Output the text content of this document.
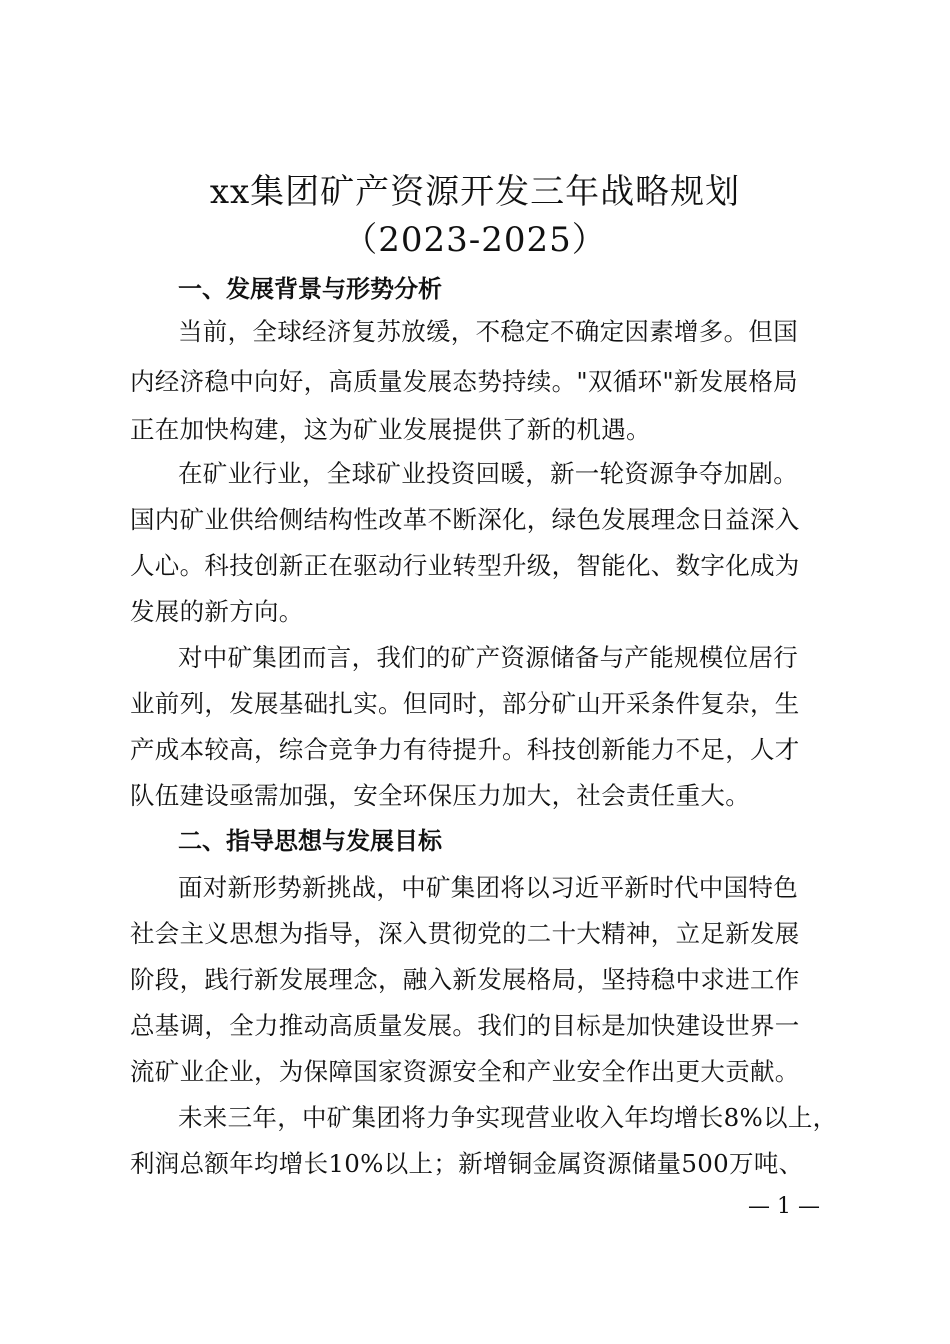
xx集团矿产资源开发三年战略规划
（2023-2025）
一、发展背景与形势分析

当前，全球经济复苏放缓，不稳定不确定因素增多。但国

内经济稳中向好，高质量发展态势持续。"双循环"新发展格局

正在加快构建，这为矿业发展提供了新的机遇。

在矿业行业，全球矿业投资回暖，新一轮资源争夺加剧。

国内矿业供给侧结构性改革不断深化，绿色发展理念日益深入

人心。科技创新正在驱动行业转型升级，智能化、数字化成为

发展的新方向。

对中矿集团而言，我们的矿产资源储备与产能规模位居行

业前列，发展基础扎实。但同时，部分矿山开采条件复杂，生

产成本较高，综合竞争力有待提升。科技创新能力不足，人才

队伍建设亟需加强，安全环保压力加大，社会责任重大。

二、指导思想与发展目标

面对新形势新挑战，中矿集团将以习近平新时代中国特色

社会主义思想为指导，深入贯彻党的二十大精神，立足新发展

阶段，践行新发展理念，融入新发展格局，坚持稳中求进工作

总基调，全力推动高质量发展。我们的目标是加快建设世界一

流矿业企业，为保障国家资源安全和产业安全作出更大贡献。

未来三年，中矿集团将力争实现营业收入年均增长8%以上，

利润总额年均增长10%以上；新增铜金属资源储量500万吨、

— 1 —
